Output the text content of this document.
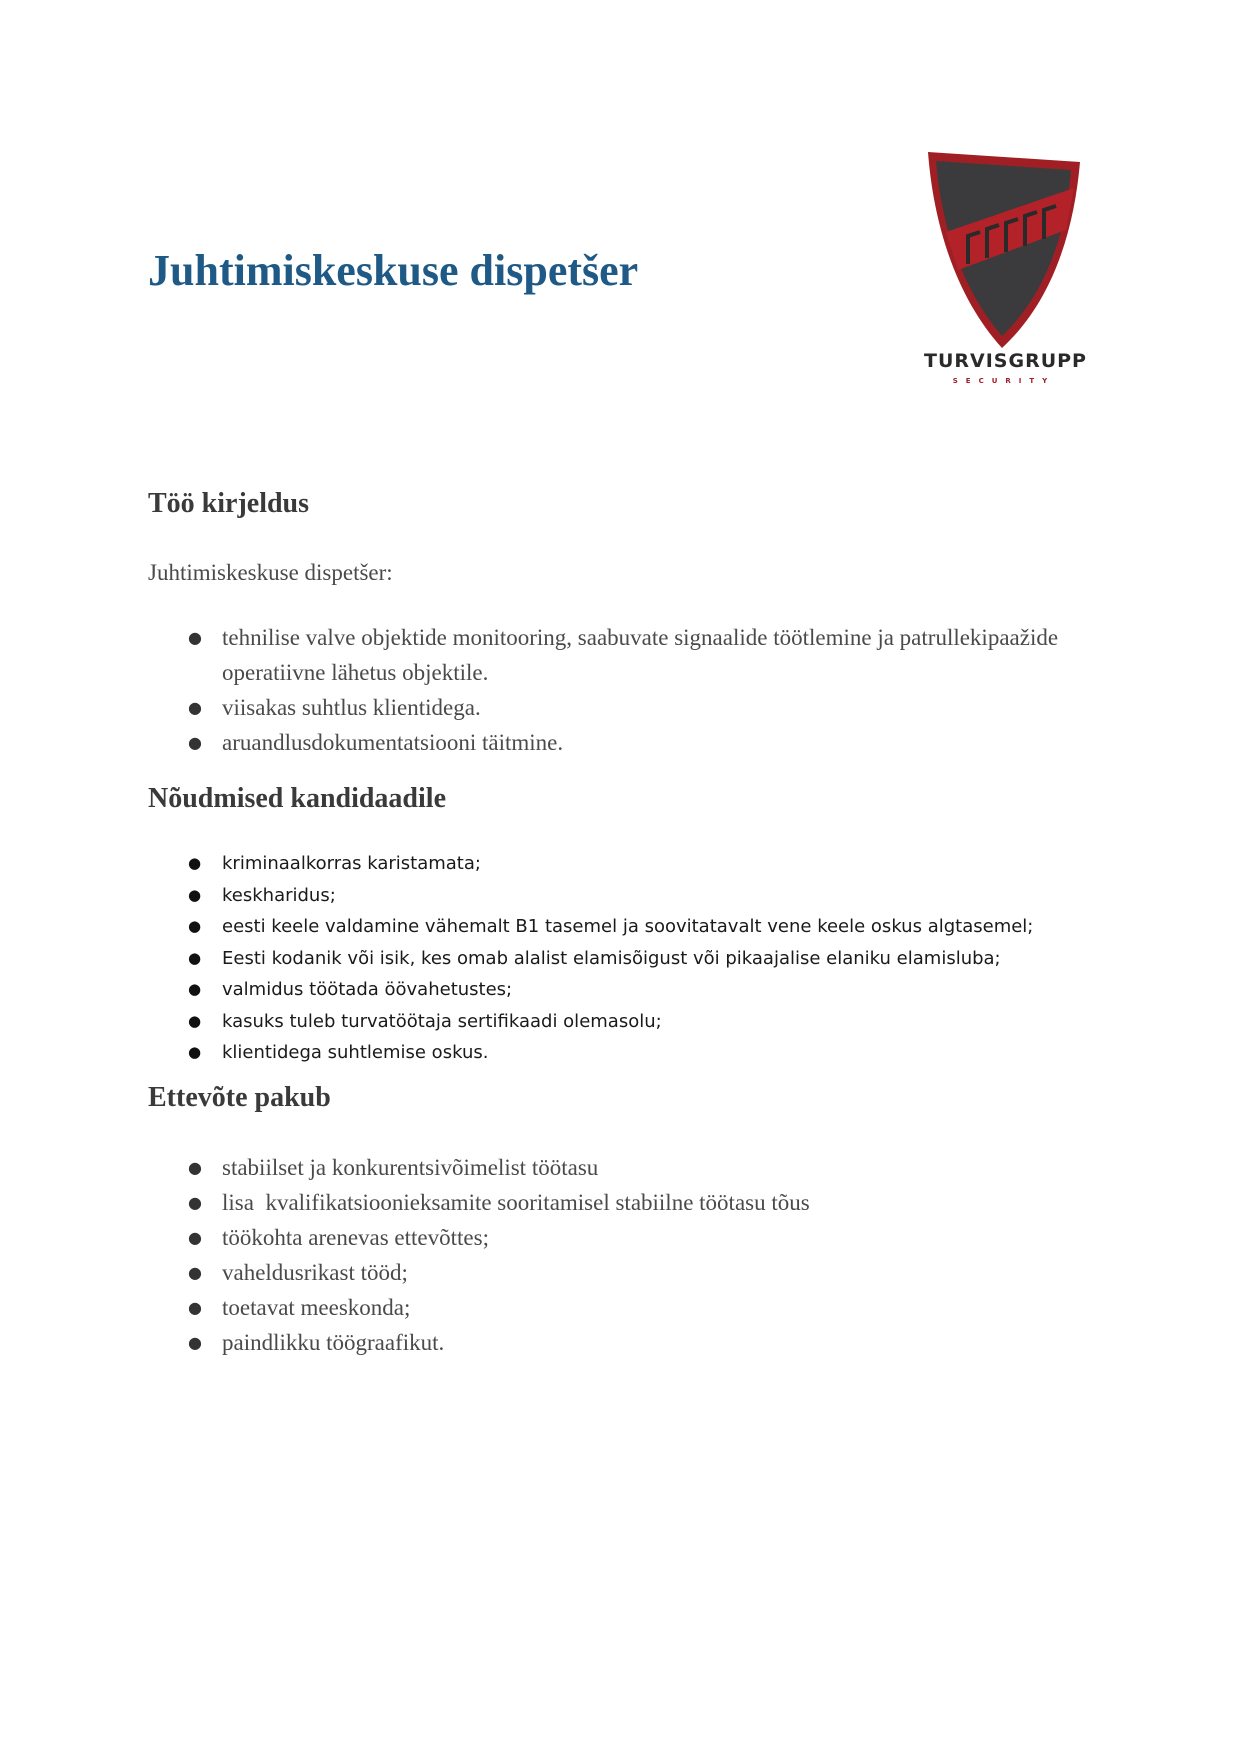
Juhtimiskeskuse dispetšer
TURVISGRUPP
SECURITY
Töö kirjeldus

Juhtimiskeskuse dispetšer:

● tehnilise valve objektide monitooring, saabuvate signaalide töötlemine ja patrullekipaažide operatiivne lähetus objektile.
● viisakas suhtlus klientidega.
● aruandlusdokumentatsiooni täitmine.
Nõudmised kandidaadile
● kriminaalkorras karistamata;
● keskharidus;
● eesti keele valdamine vähemalt B1 tasemel ja soovitatavalt vene keele oskus algtasemel;
● Eesti kodanik või isik, kes omab alalist elamisõigust või pikaajalise elaniku elamisluba;
● valmidus töötada öövahetustes;
● kasuks tuleb turvatöötaja sertifikaadi olemasolu;
● klientidega suhtlemise oskus.
Ettevõte pakub
● stabiilset ja konkurentsivõimelist töötasu
● lisa  kvalifikatsioonieksamite sooritamisel stabiilne töötasu tõus
● töökohta arenevas ettevõttes;
● vaheldusrikast tööd;
● toetavat meeskonda;
● paindlikku töögraafikut.
